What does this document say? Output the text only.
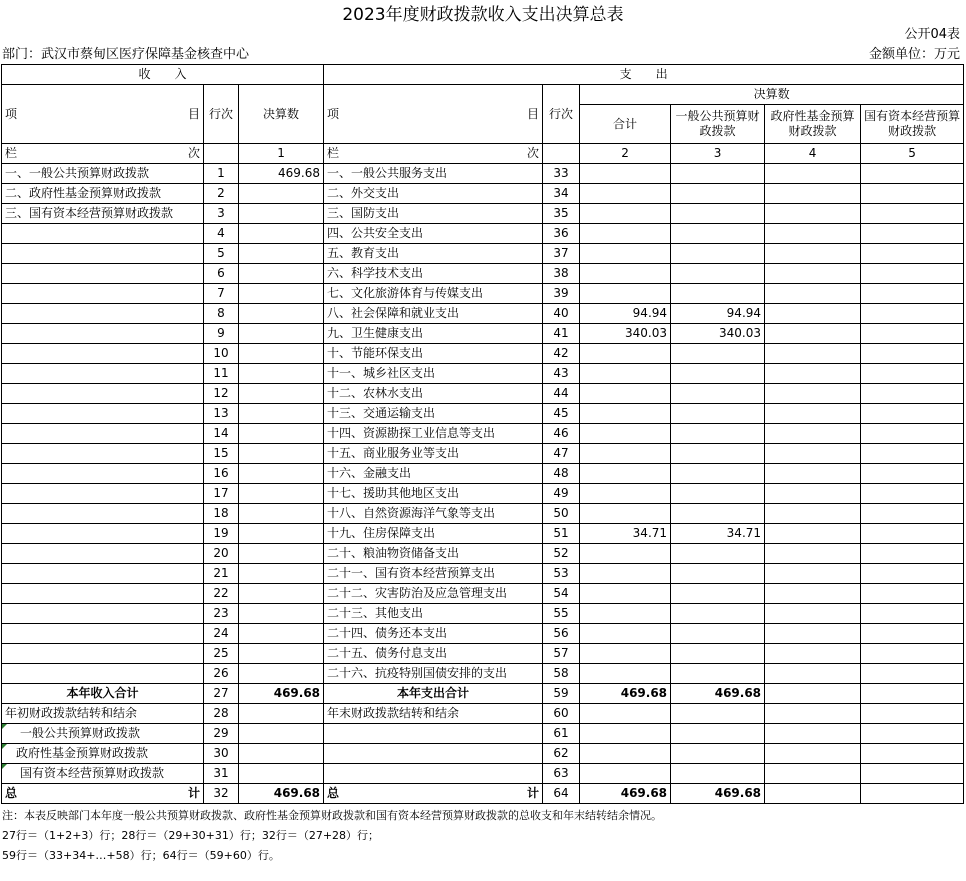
2023年度财政拨款收入支出决算总表
公开04表
部门：武汉市蔡甸区医疗保障基金核查中心	金额单位：万元
收　　入			支　　出					

项 目	行次	决算数	项 目	行次	决算数			
					合计	一般公共预算财政拨款	政府性基金预算财政拨款	国有资本经营预算财政拨款

栏 次		1	栏 次		2	3	4	5
一、一般公共预算财政拨款	1	469.68	一、一般公共服务支出	33				
二、政府性基金预算财政拨款	2		二、外交支出	34				
三、国有资本经营预算财政拨款	3		三、国防支出	35				
	4		四、公共安全支出	36				
	5		五、教育支出	37				
	6		六、科学技术支出	38				
	7		七、文化旅游体育与传媒支出	39				
	8		八、社会保障和就业支出	40	94.94	94.94		
	9		九、卫生健康支出	41	340.03	340.03		
	10		十、节能环保支出	42				
	11		十一、城乡社区支出	43				
	12		十二、农林水支出	44				
	13		十三、交通运输支出	45				
	14		十四、资源勘探工业信息等支出	46				
	15		十五、商业服务业等支出	47				
	16		十六、金融支出	48				
	17		十七、援助其他地区支出	49				
	18		十八、自然资源海洋气象等支出	50				
	19		十九、住房保障支出	51	34.71	34.71		
	20		二十、粮油物资储备支出	52				
	21		二十一、国有资本经营预算支出	53				
	22		二十二、灾害防治及应急管理支出	54				
	23		二十三、其他支出	55				
	24		二十四、债务还本支出	56				
	25		二十五、债务付息支出	57				
	26		二十六、抗疫特别国债安排的支出	58				
本年收入合计	27	469.68	本年支出合计	59	469.68	469.68		
年初财政拨款结转和结余	28		年末财政拨款结转和结余	60				

一般公共预算财政拨款	29			61				

政府性基金预算财政拨款	30			62				

国有资本经营预算财政拨款	31			63				

总 计	32	469.68	总 计	64	469.68	469.68		
注：本表反映部门本年度一般公共预算财政拨款、政府性基金预算财政拨款和国有资本经营预算财政拨款的总收支和年末结转结余情况。
27行＝（1+2+3）行；28行＝（29+30+31）行；32行＝（27+28）行；
59行＝（33+34+…+58）行；64行＝（59+60）行。
